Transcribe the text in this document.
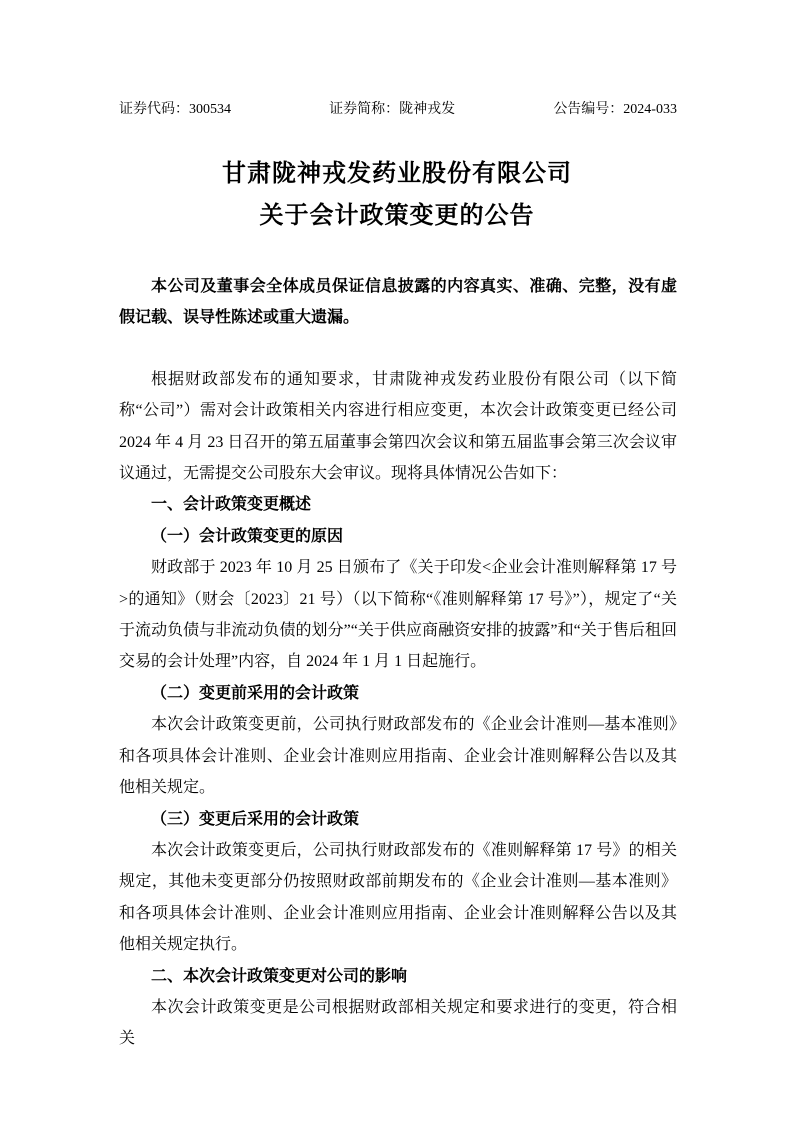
证券代码：300534	证券简称：陇神戎发	公告编号：2024-033
甘肃陇神戎发药业股份有限公司
关于会计政策变更的公告

本公司及董事会全体成员保证信息披露的内容真实、准确、完整，没有虚假记载、误导性陈述或重大遗漏。

根据财政部发布的通知要求，甘肃陇神戎发药业股份有限公司（以下简称“公司”）需对会计政策相关内容进行相应变更，本次会计政策变更已经公司 2024 年 4 月 23 日召开的第五届董事会第四次会议和第五届监事会第三次会议审议通过，无需提交公司股东大会审议。现将具体情况公告如下：

一、会计政策变更概述

（一）会计政策变更的原因

财政部于 2023 年 10 月 25 日颁布了《关于印发<企业会计准则解释第 17 号>的通知》（财会〔2023〕21 号）（以下简称“《准则解释第 17 号》”），规定了“关于流动负债与非流动负债的划分”“关于供应商融资安排的披露”和“关于售后租回交易的会计处理”内容，自 2024 年 1 月 1 日起施行。

（二）变更前采用的会计政策

本次会计政策变更前，公司执行财政部发布的《企业会计准则—基本准则》和各项具体会计准则、企业会计准则应用指南、企业会计准则解释公告以及其他相关规定。

（三）变更后采用的会计政策

本次会计政策变更后，公司执行财政部发布的《准则解释第 17 号》的相关规定，其他未变更部分仍按照财政部前期发布的《企业会计准则—基本准则》和各项具体会计准则、企业会计准则应用指南、企业会计准则解释公告以及其他相关规定执行。

二、本次会计政策变更对公司的影响

本次会计政策变更是公司根据财政部相关规定和要求进行的变更，符合相关
